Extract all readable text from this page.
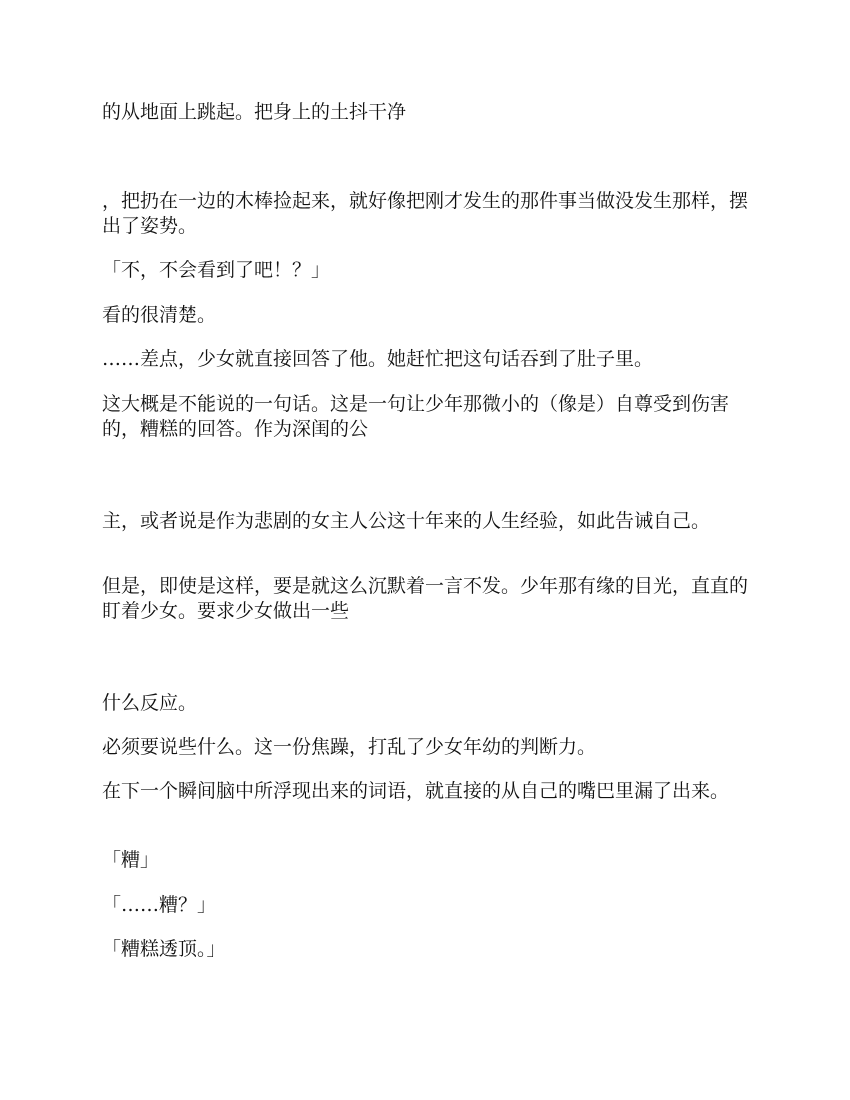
的从地面上跳起。把身上的土抖干净

，把扔在一边的木棒捡起来，就好像把刚才发生的那件事当做没发生那样，摆出了姿势。

「不，不会看到了吧！？」

看的很清楚。

……差点，少女就直接回答了他。她赶忙把这句话吞到了肚子里。

这大概是不能说的一句话。这是一句让少年那微小的（像是）自尊受到伤害的，糟糕的回答。作为深闺的公

主，或者说是作为悲剧的女主人公这十年来的人生经验，如此告诫自己。

但是，即使是这样，要是就这么沉默着一言不发。少年那有缘的目光，直直的盯着少女。要求少女做出一些

什么反应。

必须要说些什么。这一份焦躁，打乱了少女年幼的判断力。

在下一个瞬间脑中所浮现出来的词语，就直接的从自己的嘴巴里漏了出来。

「糟」

「……糟？」

「糟糕透顶。」
